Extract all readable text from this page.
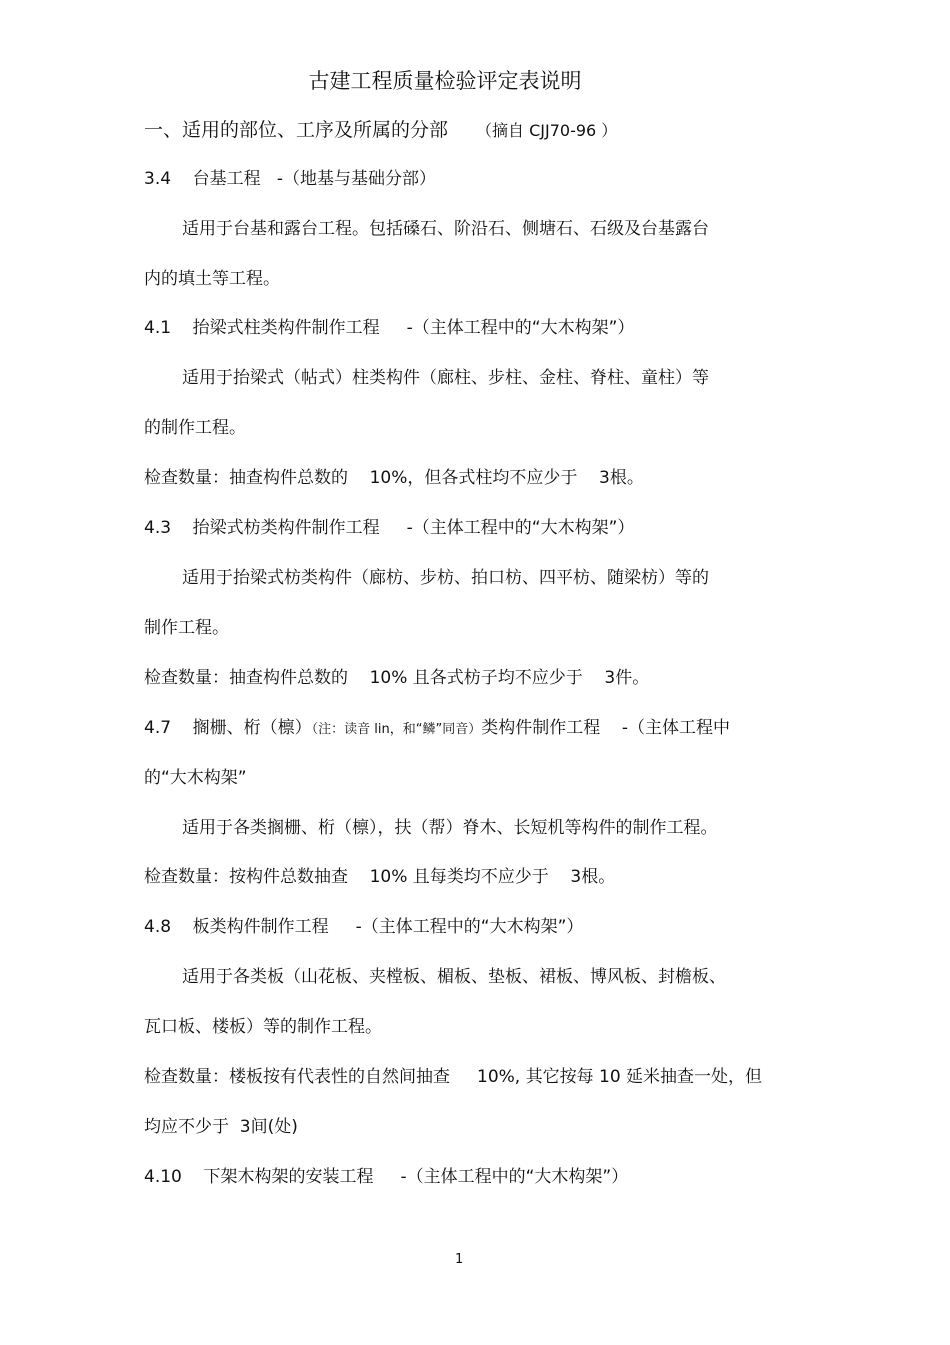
古建工程质量检验评定表说明
一、适用的部位、工序及所属的分部 （摘自 CJJ70-96 ）
3.4    台基工程   -（地基与基础分部）
适用于台基和露台工程。包括磉石、阶沿石、侧塘石、石级及台基露台
内的填土等工程。
4.1    抬梁式柱类构件制作工程     -（主体工程中的“大木构架”）
适用于抬梁式（帖式）柱类构件（廊柱、步柱、金柱、脊柱、童柱）等
的制作工程。
检查数量：抽查构件总数的    10%，但各式柱均不应少于    3根。
4.3    抬梁式枋类构件制作工程     -（主体工程中的“大木构架”）
适用于抬梁式枋类构件（廊枋、步枋、拍口枋、四平枋、随梁枋）等的
制作工程。
检查数量：抽查构件总数的    10% 且各式枋子均不应少于    3件。
4.7    搁栅、桁（檩）（注：读音 lin，和“鳞”同音）类构件制作工程    -（主体工程中
的“大木构架”
适用于各类搁栅、桁（檩），扶（帮）脊木、长短机等构件的制作工程。
检查数量：按构件总数抽查    10% 且每类均不应少于    3根。
4.8    板类构件制作工程     -（主体工程中的“大木构架”）
适用于各类板（山花板、夹樘板、楣板、垫板、裙板、博风板、封檐板、
瓦口板、楼板）等的制作工程。
检查数量：楼板按有代表性的自然间抽查     10%, 其它按每 10 延米抽查一处，但
均应不少于  3间(处)
4.10    下架木构架的安装工程     -（主体工程中的“大木构架”）
1
